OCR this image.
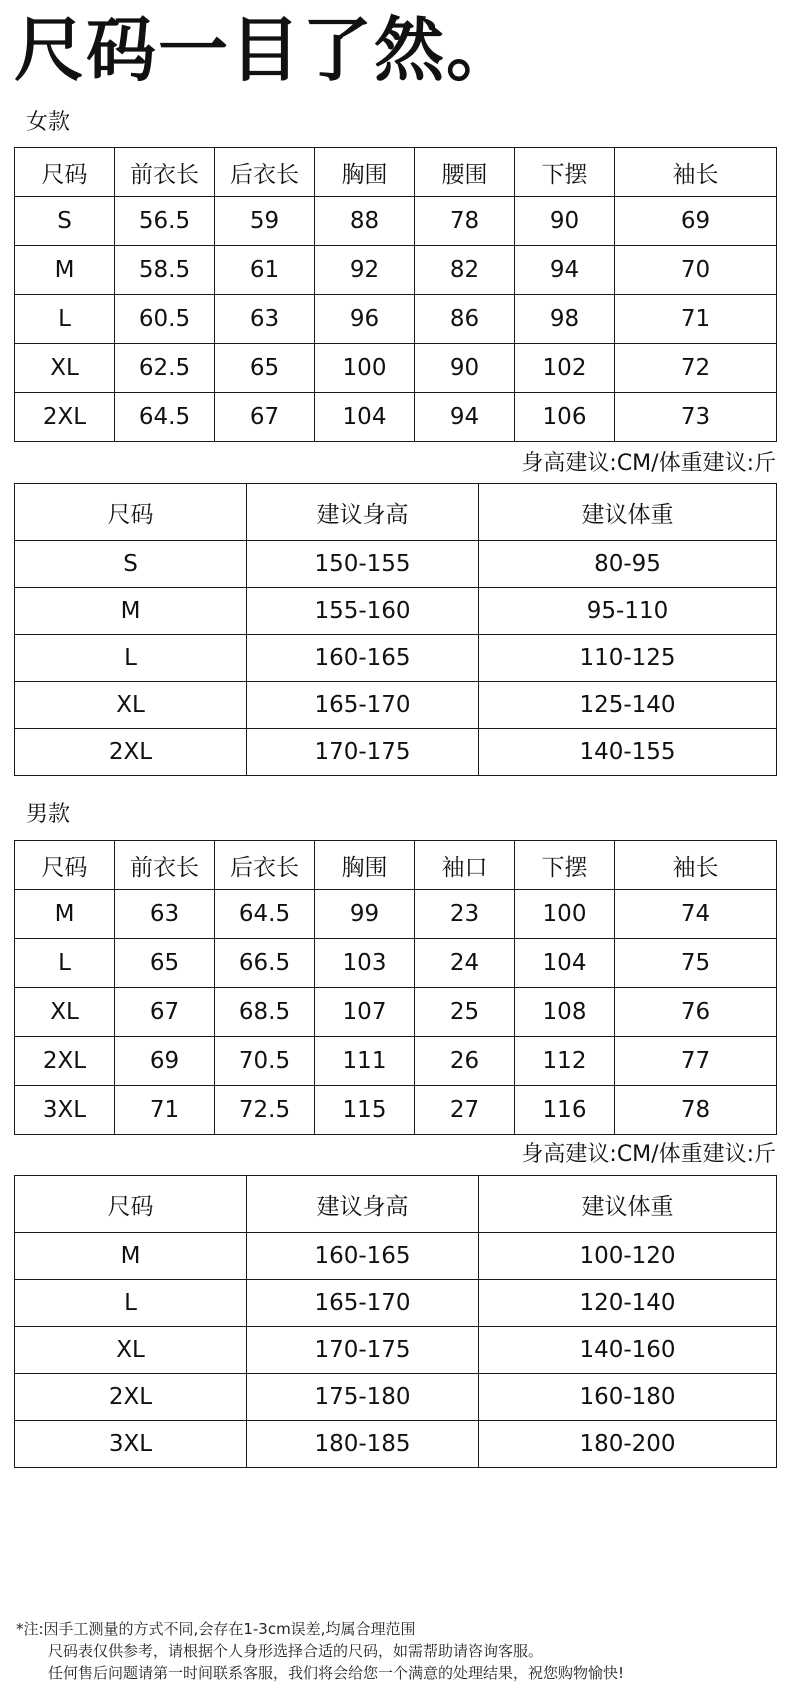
尺码一目了然。
女款
尺码	前衣长	后衣长	胸围	腰围	下摆	袖长
S	56.5	59	88	78	90	69
M	58.5	61	92	82	94	70
L	60.5	63	96	86	98	71
XL	62.5	65	100	90	102	72
2XL	64.5	67	104	94	106	73
身高建议:CM/体重建议:斤
尺码	建议身高	建议体重
S	150-155	80-95
M	155-160	95-110
L	160-165	110-125
XL	165-170	125-140
2XL	170-175	140-155
男款
尺码	前衣长	后衣长	胸围	袖口	下摆	袖长
M	63	64.5	99	23	100	74
L	65	66.5	103	24	104	75
XL	67	68.5	107	25	108	76
2XL	69	70.5	111	26	112	77
3XL	71	72.5	115	27	116	78
身高建议:CM/体重建议:斤
尺码	建议身高	建议体重
M	160-165	100-120
L	165-170	120-140
XL	170-175	140-160
2XL	175-180	160-180
3XL	180-185	180-200
*注:因手工测量的方式不同,会存在1-3cm误差,均属合理范围
尺码表仅供参考，请根据个人身形选择合适的尺码，如需帮助请咨询客服。
任何售后问题请第一时间联系客服，我们将会给您一个满意的处理结果，祝您购物愉快!
